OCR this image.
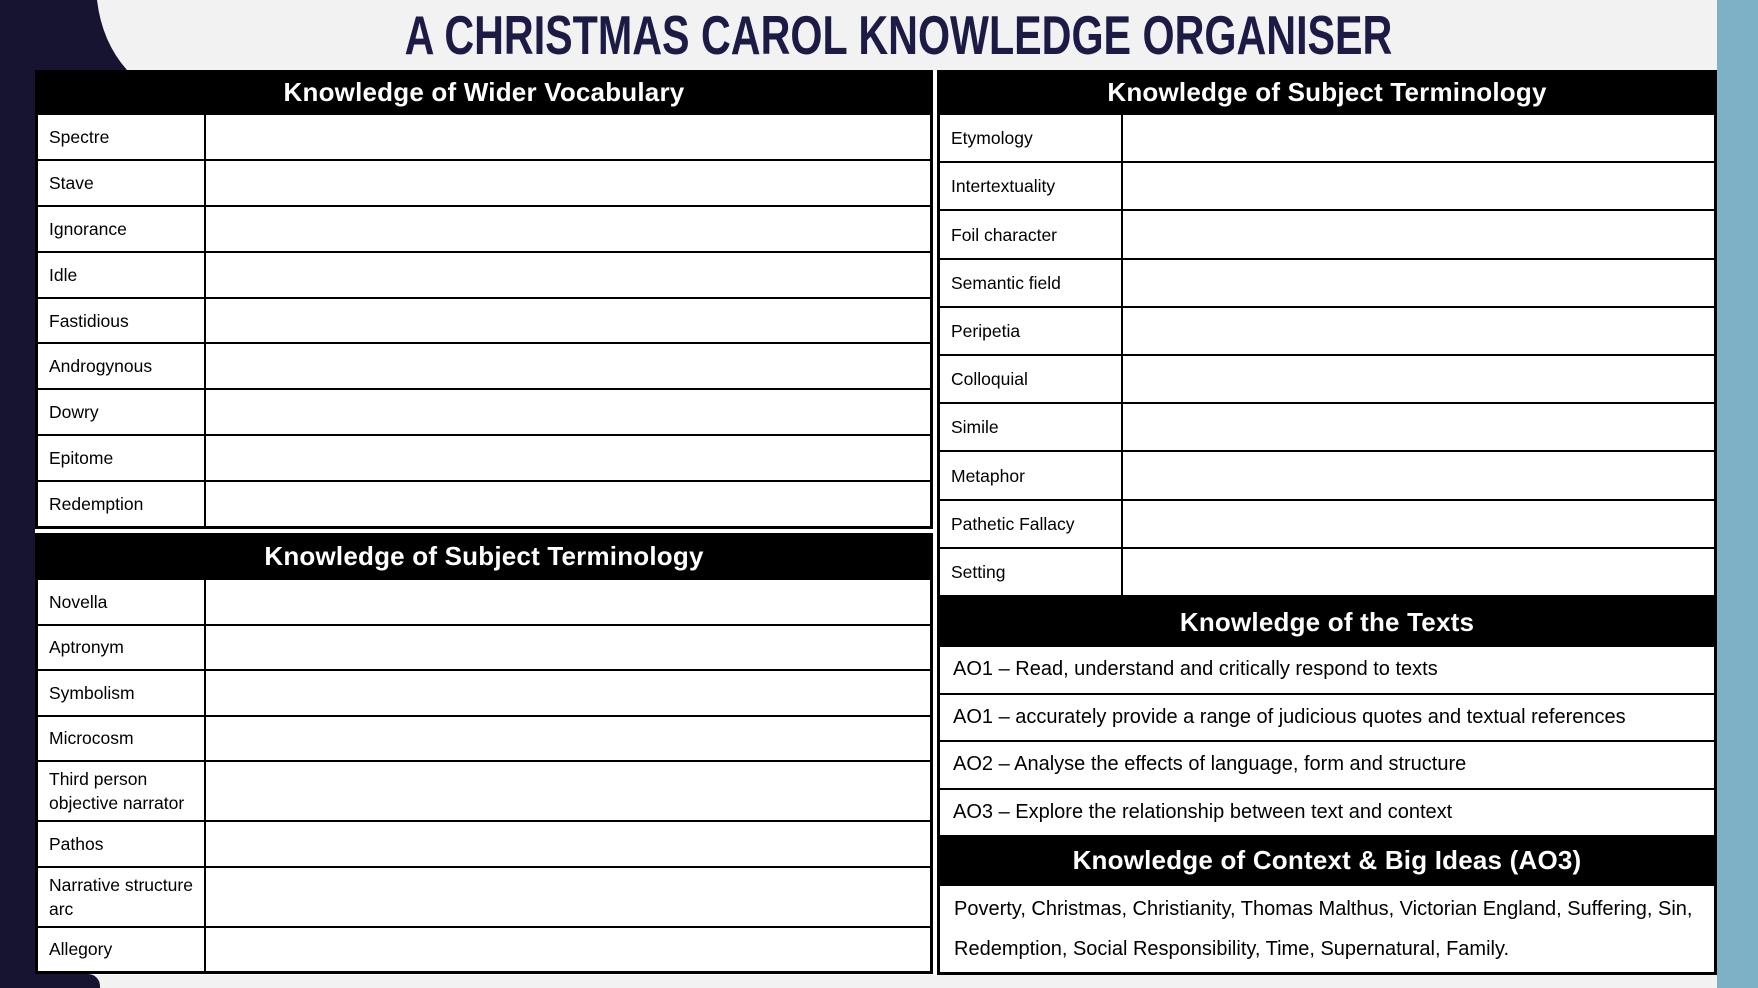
A CHRISTMAS CAROL KNOWLEDGE ORGANISER
Knowledge of Wider Vocabulary
Spectre
Stave
Ignorance
Idle
Fastidious
Androgynous
Dowry
Epitome
Redemption
Knowledge of Subject Terminology
Novella
Aptronym
Symbolism
Microcosm
Third person objective narrator
Pathos
Narrative structure arc
Allegory
Knowledge of Subject Terminology
Etymology
Intertextuality
Foil character
Semantic field
Peripetia
Colloquial
Simile
Metaphor
Pathetic Fallacy
Setting
Knowledge of the Texts
AO1 – Read, understand and critically respond to texts
AO1 – accurately provide a range of judicious quotes and textual references
AO2 – Analyse the effects of language, form and structure
AO3 – Explore the relationship between text and context
Knowledge of Context & Big Ideas (AO3)
Poverty, Christmas, Christianity, Thomas Malthus, Victorian England, Suffering, Sin, Redemption, Social Responsibility, Time, Supernatural, Family.
